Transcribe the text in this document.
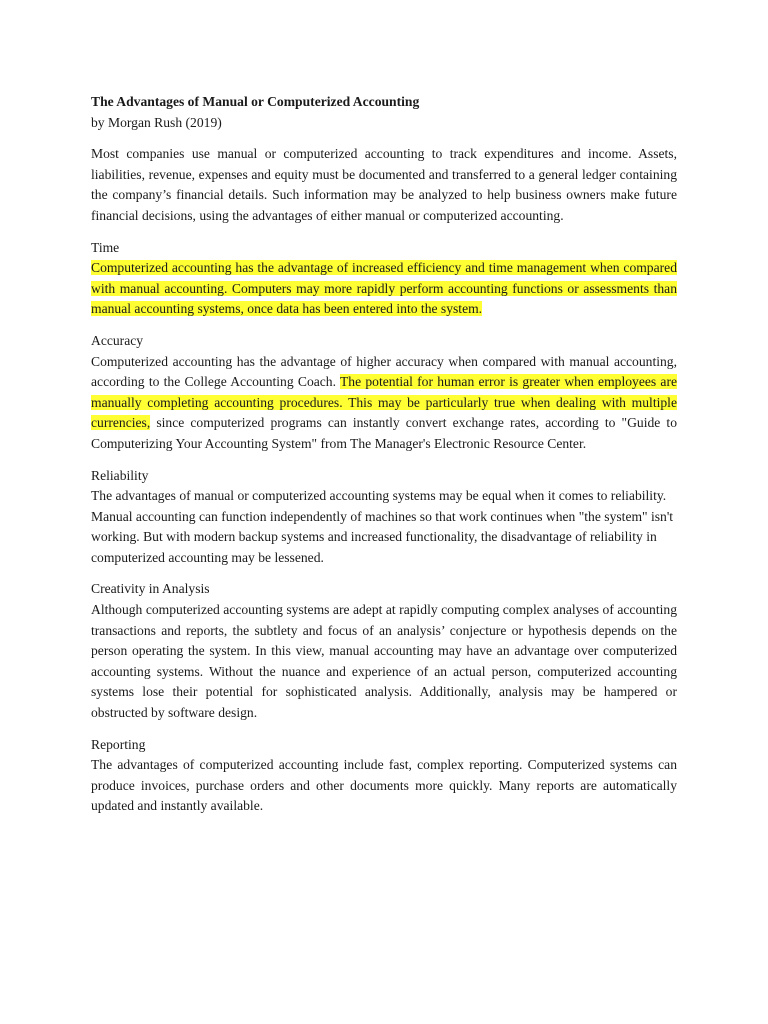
The Advantages of Manual or Computerized Accounting

by Morgan Rush (2019)

Most companies use manual or computerized accounting to track expenditures and income. Assets, liabilities, revenue, expenses and equity must be documented and transferred to a general ledger containing the company’s financial details. Such information may be analyzed to help business owners make future financial decisions, using the advantages of either manual or computerized accounting.

Time

Computerized accounting has the advantage of increased efficiency and time management when compared with manual accounting. Computers may more rapidly perform accounting functions or assessments than manual accounting systems, once data has been entered into the system.

Accuracy

Computerized accounting has the advantage of higher accuracy when compared with manual accounting, according to the College Accounting Coach. The potential for human error is greater when employees are manually completing accounting procedures. This may be particularly true when dealing with multiple currencies, since computerized programs can instantly convert exchange rates, according to "Guide to Computerizing Your Accounting System" from The Manager's Electronic Resource Center.

Reliability

The advantages of manual or computerized accounting systems may be equal when it comes to reliability. Manual accounting can function independently of machines so that work continues when "the system" isn't working. But with modern backup systems and increased functionality, the disadvantage of reliability in computerized accounting may be lessened.

Creativity in Analysis

Although computerized accounting systems are adept at rapidly computing complex analyses of accounting transactions and reports, the subtlety and focus of an analysis’ conjecture or hypothesis depends on the person operating the system. In this view, manual accounting may have an advantage over computerized accounting systems. Without the nuance and experience of an actual person, computerized accounting systems lose their potential for sophisticated analysis. Additionally, analysis may be hampered or obstructed by software design.

Reporting

The advantages of computerized accounting include fast, complex reporting. Computerized systems can produce invoices, purchase orders and other documents more quickly. Many reports are automatically updated and instantly available.
